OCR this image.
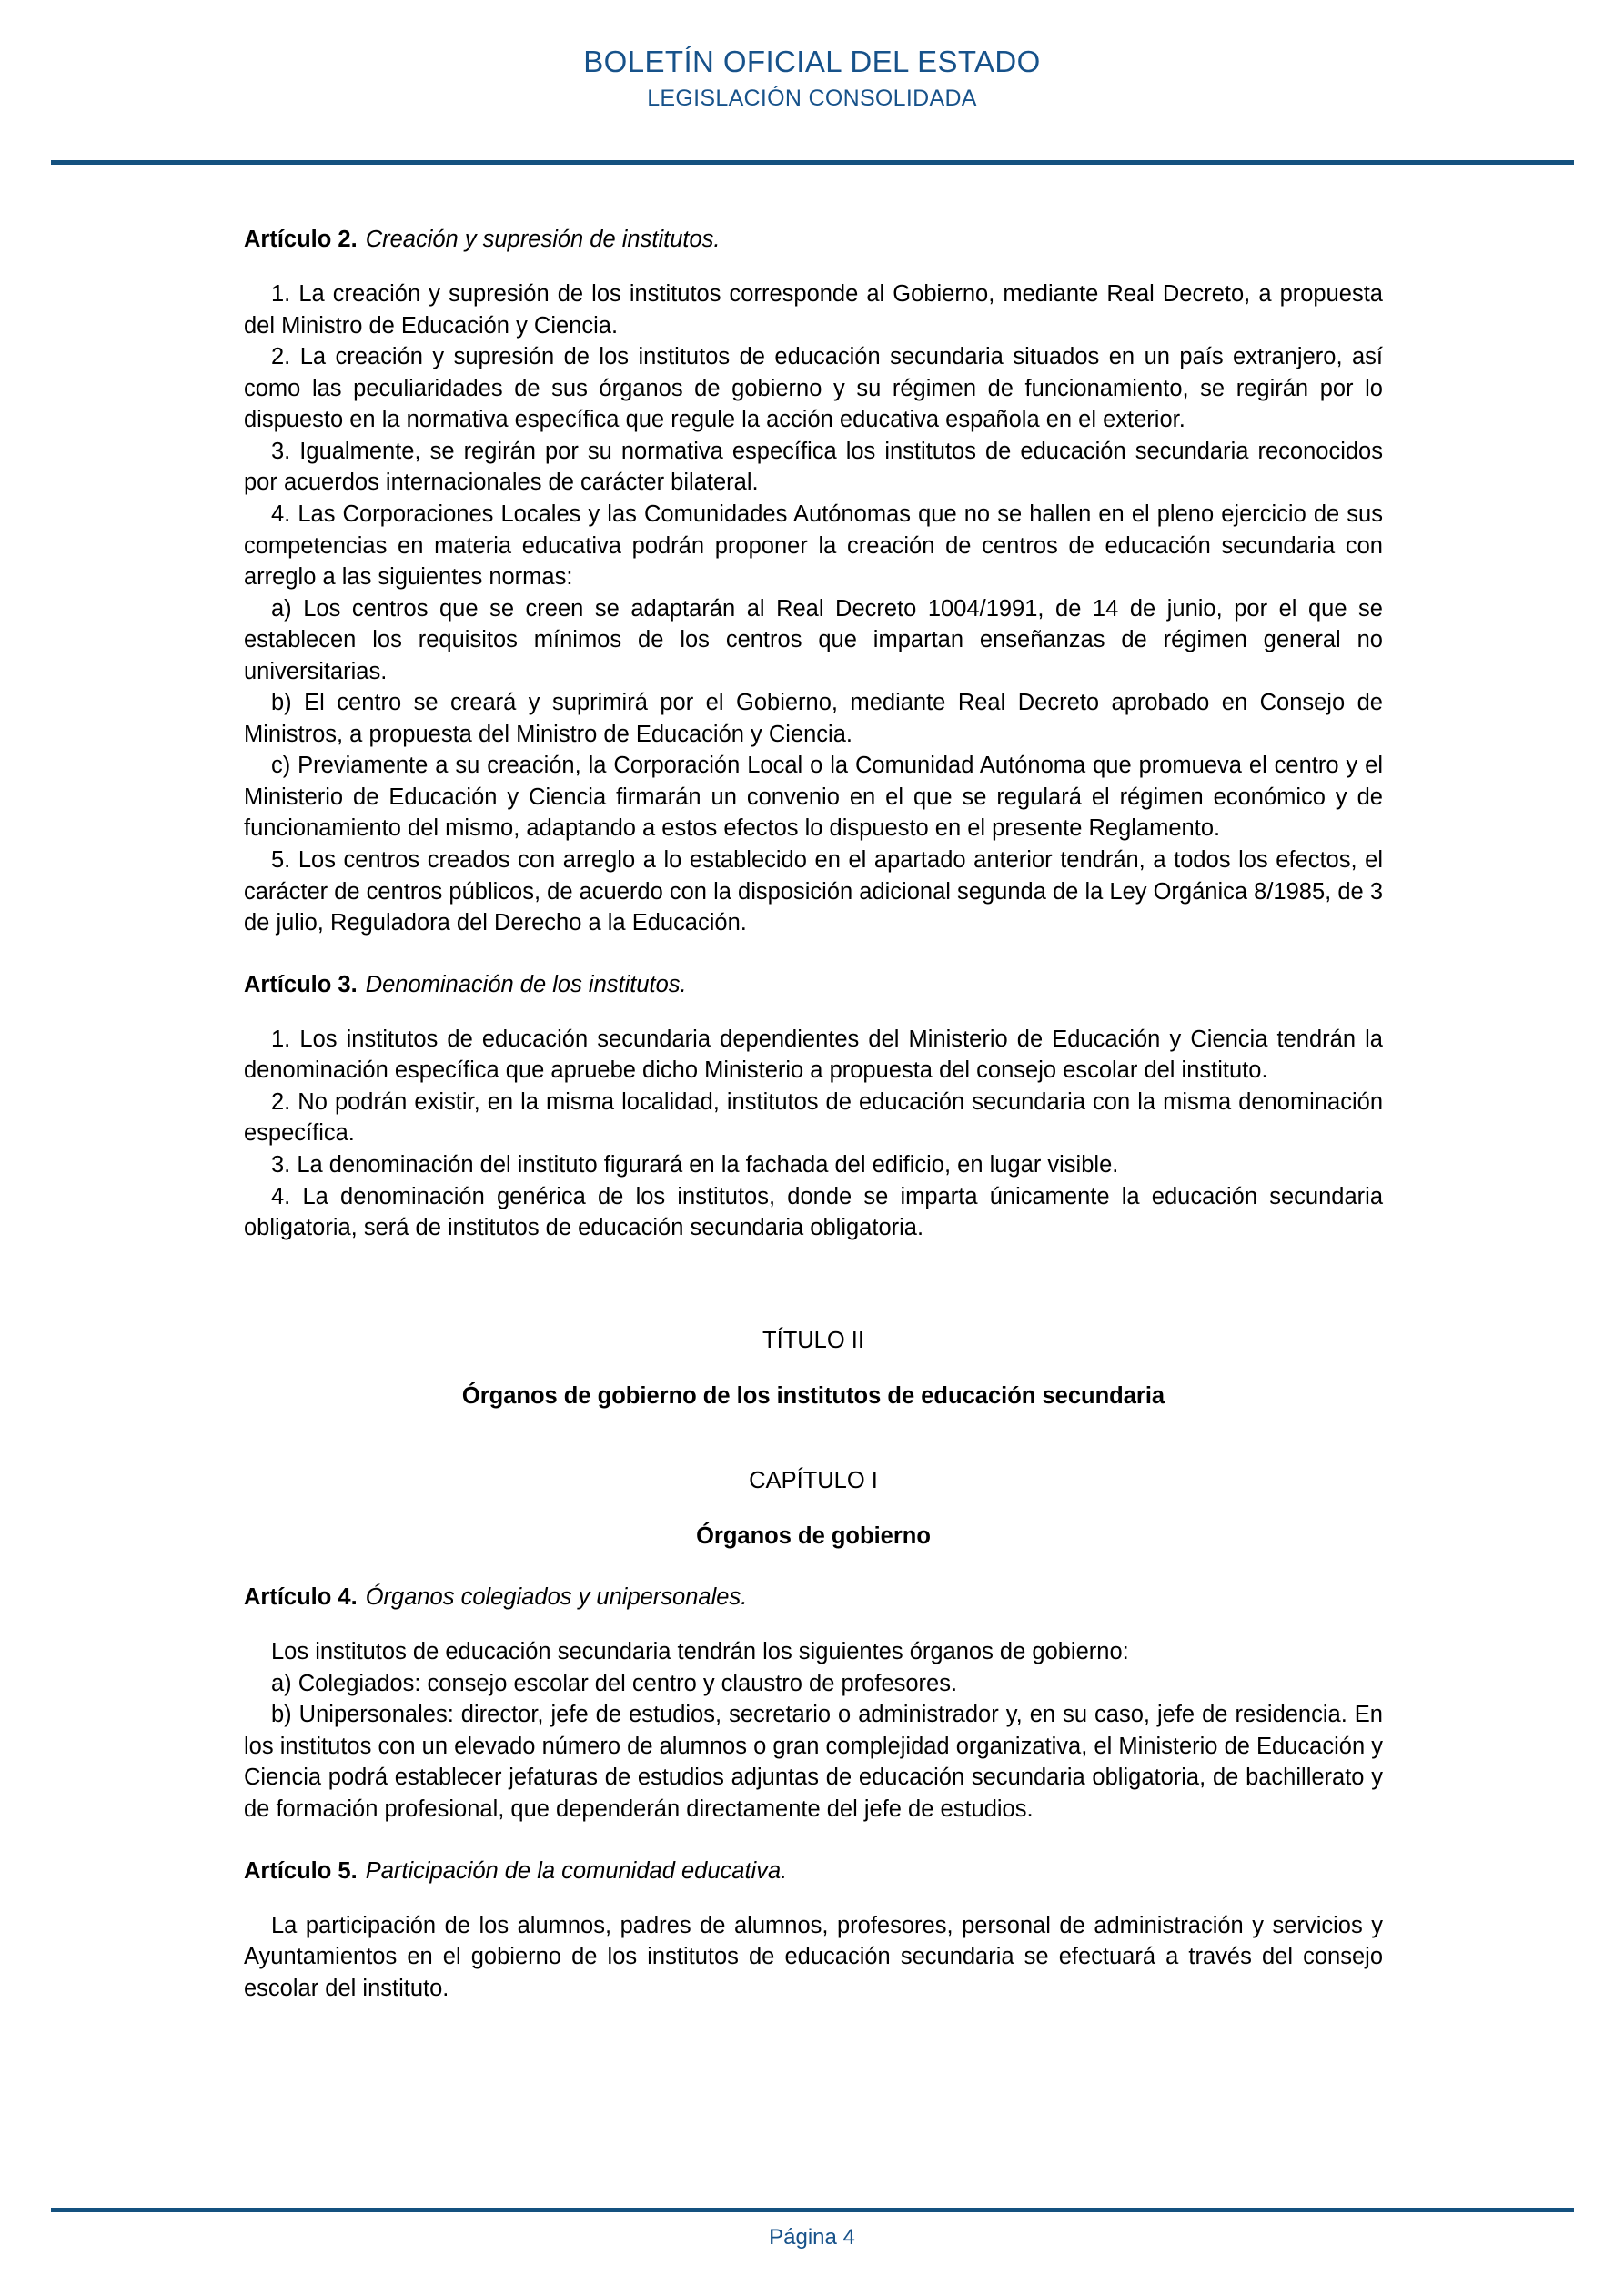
BOLETÍN OFICIAL DEL ESTADO
LEGISLACIÓN CONSOLIDADA
Artículo 2. Creación y supresión de institutos.

1. La creación y supresión de los institutos corresponde al Gobierno, mediante Real Decreto, a propuesta del Ministro de Educación y Ciencia.

2. La creación y supresión de los institutos de educación secundaria situados en un país extranjero, así como las peculiaridades de sus órganos de gobierno y su régimen de funcionamiento, se regirán por lo dispuesto en la normativa específica que regule la acción educativa española en el exterior.

3. Igualmente, se regirán por su normativa específica los institutos de educación secundaria reconocidos por acuerdos internacionales de carácter bilateral.

4. Las Corporaciones Locales y las Comunidades Autónomas que no se hallen en el pleno ejercicio de sus competencias en materia educativa podrán proponer la creación de centros de educación secundaria con arreglo a las siguientes normas:

a) Los centros que se creen se adaptarán al Real Decreto 1004/1991, de 14 de junio, por el que se establecen los requisitos mínimos de los centros que impartan enseñanzas de régimen general no universitarias.

b) El centro se creará y suprimirá por el Gobierno, mediante Real Decreto aprobado en Consejo de Ministros, a propuesta del Ministro de Educación y Ciencia.

c) Previamente a su creación, la Corporación Local o la Comunidad Autónoma que promueva el centro y el Ministerio de Educación y Ciencia firmarán un convenio en el que se regulará el régimen económico y de funcionamiento del mismo, adaptando a estos efectos lo dispuesto en el presente Reglamento.

5. Los centros creados con arreglo a lo establecido en el apartado anterior tendrán, a todos los efectos, el carácter de centros públicos, de acuerdo con la disposición adicional segunda de la Ley Orgánica 8/1985, de 3 de julio, Reguladora del Derecho a la Educación.

Artículo 3. Denominación de los institutos.

1. Los institutos de educación secundaria dependientes del Ministerio de Educación y Ciencia tendrán la denominación específica que apruebe dicho Ministerio a propuesta del consejo escolar del instituto.

2. No podrán existir, en la misma localidad, institutos de educación secundaria con la misma denominación específica.

3. La denominación del instituto figurará en la fachada del edificio, en lugar visible.

4. La denominación genérica de los institutos, donde se imparta únicamente la educación secundaria obligatoria, será de institutos de educación secundaria obligatoria.

TÍTULO II

Órganos de gobierno de los institutos de educación secundaria

CAPÍTULO I

Órganos de gobierno

Artículo 4. Órganos colegiados y unipersonales.

Los institutos de educación secundaria tendrán los siguientes órganos de gobierno:

a) Colegiados: consejo escolar del centro y claustro de profesores.

b) Unipersonales: director, jefe de estudios, secretario o administrador y, en su caso, jefe de residencia. En los institutos con un elevado número de alumnos o gran complejidad organizativa, el Ministerio de Educación y Ciencia podrá establecer jefaturas de estudios adjuntas de educación secundaria obligatoria, de bachillerato y de formación profesional, que dependerán directamente del jefe de estudios.

Artículo 5. Participación de la comunidad educativa.

La participación de los alumnos, padres de alumnos, profesores, personal de administración y servicios y Ayuntamientos en el gobierno de los institutos de educación secundaria se efectuará a través del consejo escolar del instituto.

Página 4
